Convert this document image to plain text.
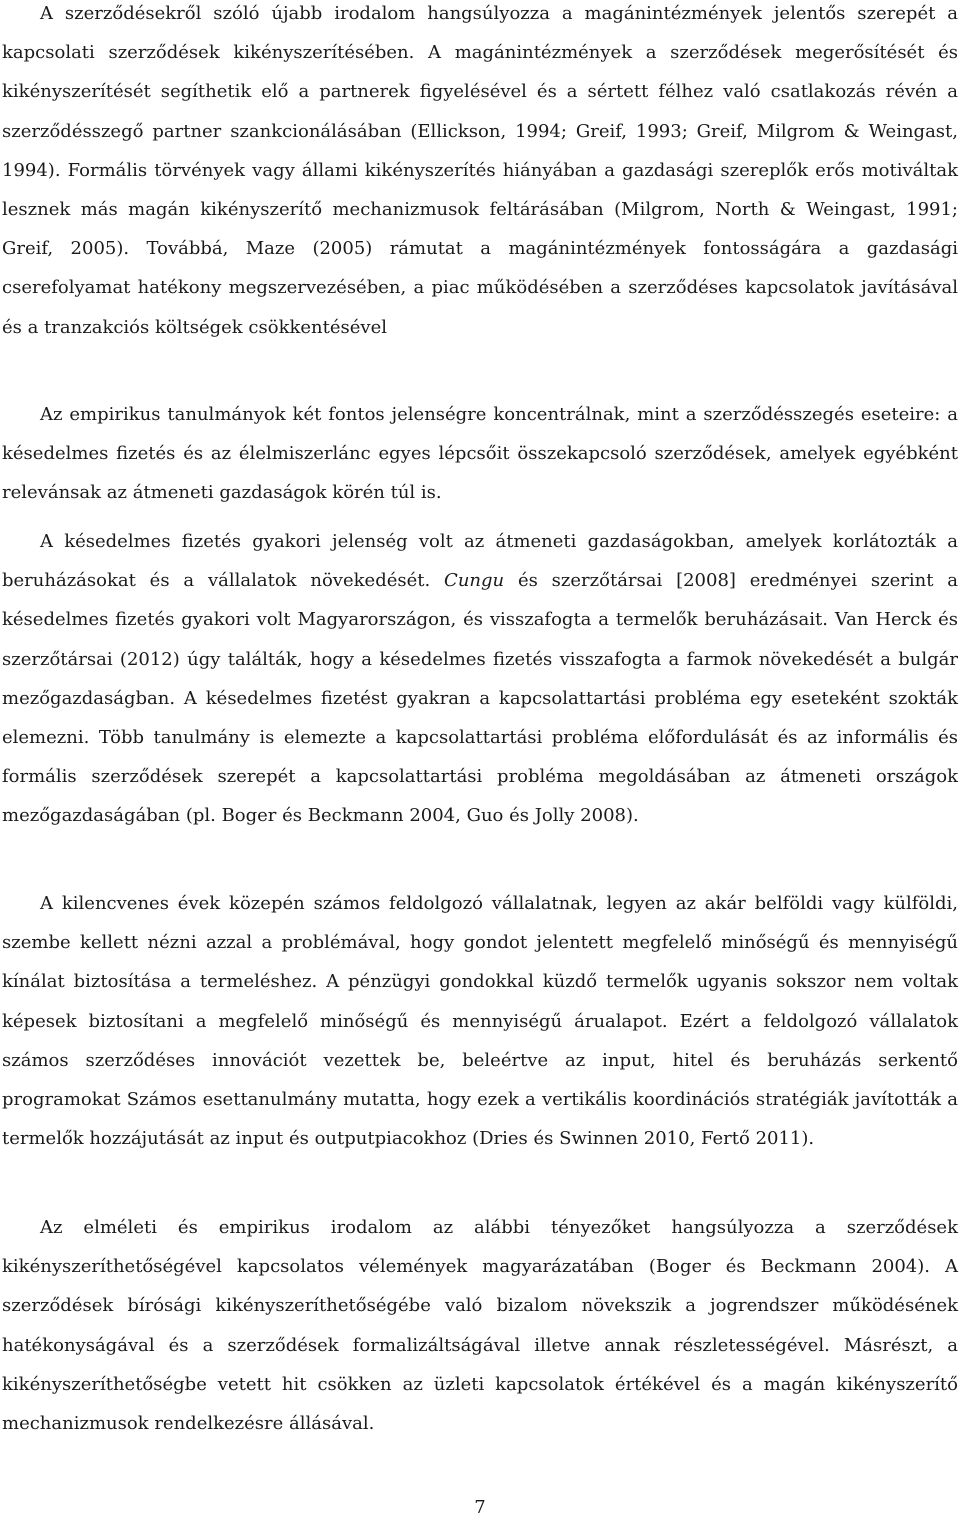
A szerződésekről szóló újabb irodalom hangsúlyozza a magánintézmények jelentős szerepét a kapcsolati szerződések kikényszerítésében. A magánintézmények a szerződések megerősítését és kikényszerítését segíthetik elő a partnerek figyelésével és a sértett félhez való csatlakozás révén a szerződésszegő partner szankcionálásában (Ellickson, 1994; Greif, 1993; Greif, Milgrom & Weingast, 1994). Formális törvények vagy állami kikényszerítés hiányában a gazdasági szereplők erős motiváltak lesznek más magán kikényszerítő mechanizmusok feltárásában (Milgrom, North & Weingast, 1991; Greif, 2005). Továbbá, Maze (2005) rámutat a magánintézmények fontosságára a gazdasági cserefolyamat hatékony megszervezésében, a piac működésében a szerződéses kapcsolatok javításával és a tranzakciós költségek csökkentésével

Az empirikus tanulmányok két fontos jelenségre koncentrálnak, mint a szerződésszegés eseteire: a késedelmes fizetés és az élelmiszerlánc egyes lépcsőit összekapcsoló szerződések, amelyek egyébként relevánsak az átmeneti gazdaságok körén túl is.

A késedelmes fizetés gyakori jelenség volt az átmeneti gazdaságokban, amelyek korlátozták a beruházásokat és a vállalatok növekedését. Cungu és szerzőtársai [2008] eredményei szerint a késedelmes fizetés gyakori volt Magyarországon, és visszafogta a termelők beruházásait. Van Herck és szerzőtársai (2012) úgy találták, hogy a késedelmes fizetés visszafogta a farmok növekedését a bulgár mezőgazdaságban. A késedelmes fizetést gyakran a kapcsolattartási probléma egy eseteként szokták elemezni. Több tanulmány is elemezte a kapcsolattartási probléma előfordulását és az informális és formális szerződések szerepét a kapcsolattartási probléma megoldásában az átmeneti országok mezőgazdaságában (pl. Boger és Beckmann 2004, Guo és Jolly 2008).

A kilencvenes évek közepén számos feldolgozó vállalatnak, legyen az akár belföldi vagy külföldi, szembe kellett nézni azzal a problémával, hogy gondot jelentett megfelelő minőségű és mennyiségű kínálat biztosítása a termeléshez. A pénzügyi gondokkal küzdő termelők ugyanis sokszor nem voltak képesek biztosítani a megfelelő minőségű és mennyiségű árualapot. Ezért a feldolgozó vállalatok számos szerződéses innovációt vezettek be, beleértve az input, hitel és beruházás serkentő programokat Számos esettanulmány mutatta, hogy ezek a vertikális koordinációs stratégiák javították a termelők hozzájutását az input és outputpiacokhoz (Dries és Swinnen 2010, Fertő 2011).

Az elméleti és empirikus irodalom az alábbi tényezőket hangsúlyozza a szerződések kikényszeríthetőségével kapcsolatos vélemények magyarázatában (Boger és Beckmann 2004). A szerződések bírósági kikényszeríthetőségébe való bizalom növekszik a jogrendszer működésének hatékonyságával és a szerződések formalizáltságával illetve annak részletességével. Másrészt, a kikényszeríthetőségbe vetett hit csökken az üzleti kapcsolatok értékével és a magán kikényszerítő mechanizmusok rendelkezésre állásával.

7
